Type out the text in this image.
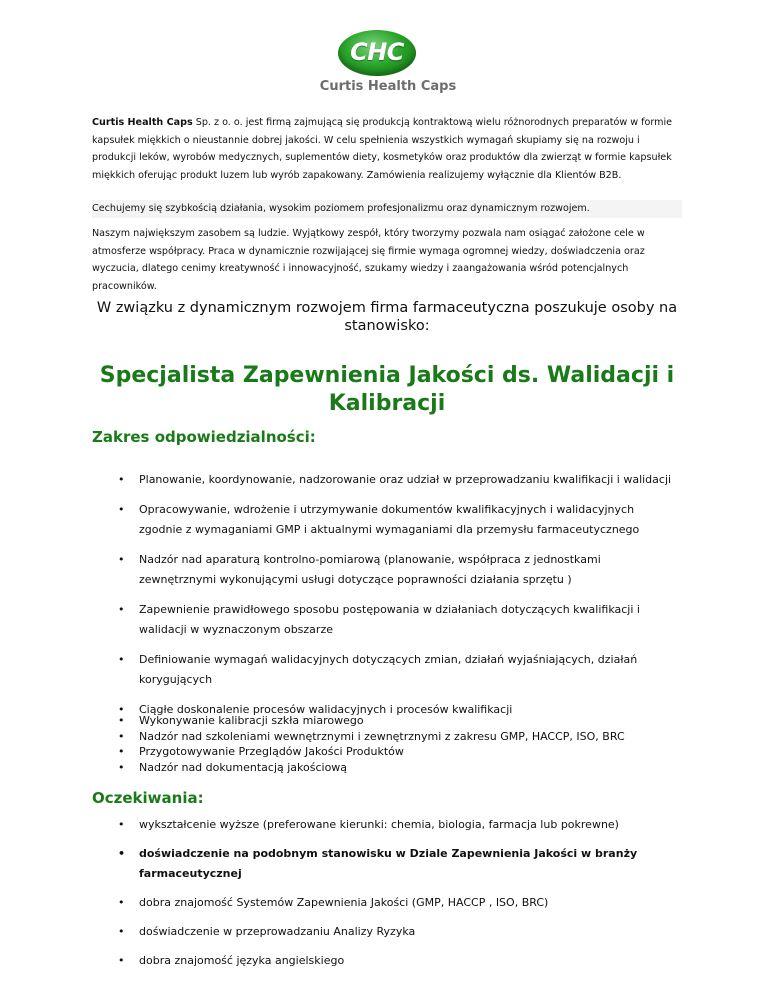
CHC
Curtis Health Caps
Curtis Health Caps Sp. z o. o. jest firmą zajmującą się produkcją kontraktową wielu różnorodnych preparatów w formie kapsułek miękkich o nieustannie dobrej jakości. W celu spełnienia wszystkich wymagań skupiamy się na rozwoju i produkcji leków, wyrobów medycznych, suplementów diety, kosmetyków oraz produktów dla zwierząt w formie kapsułek miękkich oferując produkt luzem lub wyrób zapakowany. Zamówienia realizujemy wyłącznie dla Klientów B2B.
Cechujemy się szybkością działania, wysokim poziomem profesjonalizmu oraz dynamicznym rozwojem.
Naszym największym zasobem są ludzie. Wyjątkowy zespół, który tworzymy pozwala nam osiągać założone cele w atmosferze współpracy. Praca w dynamicznie rozwijającej się firmie wymaga ogromnej wiedzy, doświadczenia oraz wyczucia, dlatego cenimy kreatywność i innowacyjność, szukamy wiedzy i zaangażowania wśród potencjalnych pracowników.
W związku z dynamicznym rozwojem firma farmaceutyczna poszukuje osoby na stanowisko:
Specjalista Zapewnienia Jakości ds. Walidacji i Kalibracji
Zakres odpowiedzialności:
• Planowanie, koordynowanie, nadzorowanie oraz udział w przeprowadzaniu kwalifikacji i walidacji
• Opracowywanie, wdrożenie i utrzymywanie dokumentów kwalifikacyjnych i walidacyjnych zgodnie z wymaganiami GMP i aktualnymi wymaganiami dla przemysłu farmaceutycznego
• Nadzór nad aparaturą kontrolno-pomiarową (planowanie, współpraca z jednostkami zewnętrznymi wykonującymi usługi dotyczące poprawności działania sprzętu )
• Zapewnienie prawidłowego sposobu postępowania w działaniach dotyczących kwalifikacji i walidacji w wyznaczonym obszarze
• Definiowanie wymagań walidacyjnych dotyczących zmian, działań wyjaśniających, działań korygujących
• Ciągłe doskonalenie procesów walidacyjnych i procesów kwalifikacji
• Wykonywanie kalibracji szkła miarowego
• Nadzór nad szkoleniami wewnętrznymi i zewnętrznymi z zakresu GMP, HACCP, ISO, BRC
• Przygotowywanie Przeglądów Jakości Produktów
• Nadzór nad dokumentacją jakościową
Oczekiwania:
• wykształcenie wyższe (preferowane kierunki: chemia, biologia, farmacja lub pokrewne)
• doświadczenie na podobnym stanowisku w Dziale Zapewnienia Jakości w branży farmaceutycznej
• dobra znajomość Systemów Zapewnienia Jakości (GMP, HACCP , ISO, BRC)
• doświadczenie w przeprowadzaniu Analizy Ryzyka
• dobra znajomość języka angielskiego
